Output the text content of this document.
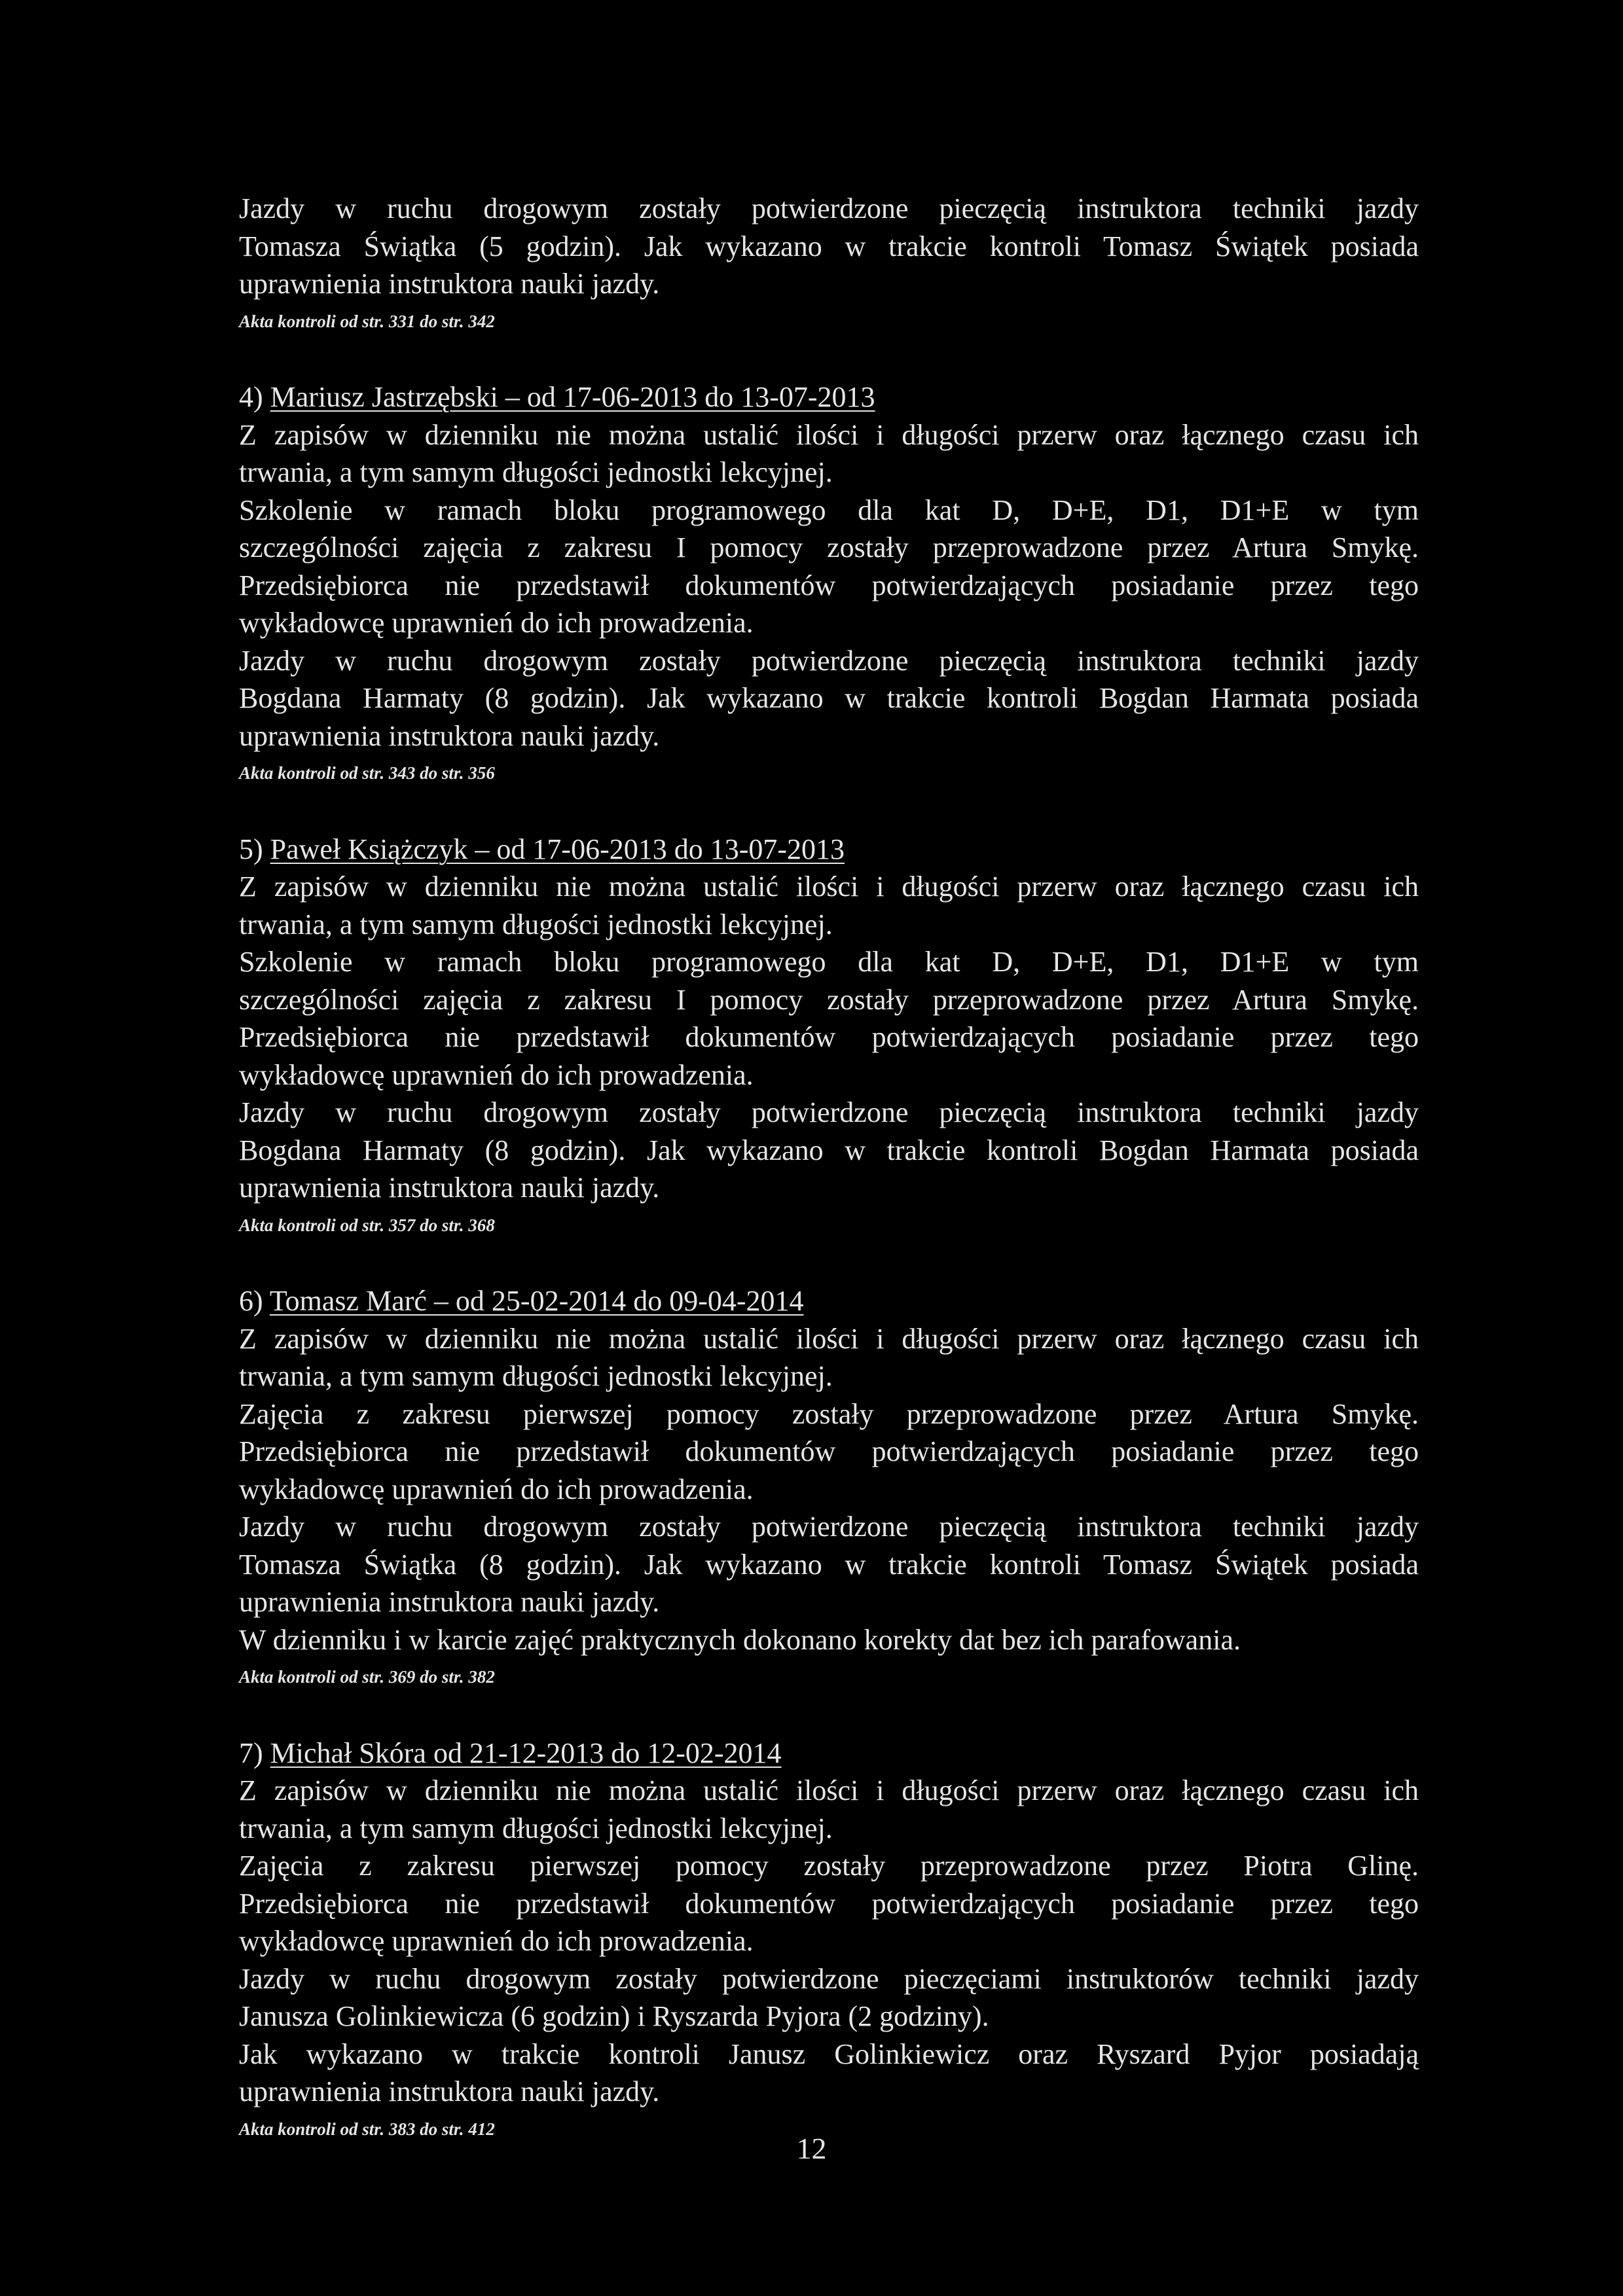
Jazdy w ruchu drogowym zostały potwierdzone pieczęcią instruktora techniki jazdy
Tomasza Świątka (5 godzin). Jak wykazano w trakcie kontroli Tomasz Świątek posiada
uprawnienia instruktora nauki jazdy.
Akta kontroli od str. 331 do str. 342
4) Mariusz Jastrzębski – od 17-06-2013 do 13-07-2013
Z zapisów w dzienniku nie można ustalić ilości i długości przerw oraz łącznego czasu ich
trwania, a tym samym długości jednostki lekcyjnej.
Szkolenie w ramach bloku programowego dla kat D, D+E, D1, D1+E w tym
szczególności zajęcia z zakresu I pomocy zostały przeprowadzone przez Artura Smykę.
Przedsiębiorca nie przedstawił dokumentów potwierdzających posiadanie przez tego
wykładowcę uprawnień do ich prowadzenia.
Jazdy w ruchu drogowym zostały potwierdzone pieczęcią instruktora techniki jazdy
Bogdana Harmaty (8 godzin). Jak wykazano w trakcie kontroli Bogdan Harmata posiada
uprawnienia instruktora nauki jazdy.
Akta kontroli od str. 343 do str. 356
5) Paweł Książczyk – od 17-06-2013 do 13-07-2013
Z zapisów w dzienniku nie można ustalić ilości i długości przerw oraz łącznego czasu ich
trwania, a tym samym długości jednostki lekcyjnej.
Szkolenie w ramach bloku programowego dla kat D, D+E, D1, D1+E w tym
szczególności zajęcia z zakresu I pomocy zostały przeprowadzone przez Artura Smykę.
Przedsiębiorca nie przedstawił dokumentów potwierdzających posiadanie przez tego
wykładowcę uprawnień do ich prowadzenia.
Jazdy w ruchu drogowym zostały potwierdzone pieczęcią instruktora techniki jazdy
Bogdana Harmaty (8 godzin). Jak wykazano w trakcie kontroli Bogdan Harmata posiada
uprawnienia instruktora nauki jazdy.
Akta kontroli od str. 357 do str. 368
6) Tomasz Marć – od 25-02-2014 do 09-04-2014
Z zapisów w dzienniku nie można ustalić ilości i długości przerw oraz łącznego czasu ich
trwania, a tym samym długości jednostki lekcyjnej.
Zajęcia z zakresu pierwszej pomocy zostały przeprowadzone przez Artura Smykę.
Przedsiębiorca nie przedstawił dokumentów potwierdzających posiadanie przez tego
wykładowcę uprawnień do ich prowadzenia.
Jazdy w ruchu drogowym zostały potwierdzone pieczęcią instruktora techniki jazdy
Tomasza Świątka (8 godzin). Jak wykazano w trakcie kontroli Tomasz Świątek posiada
uprawnienia instruktora nauki jazdy.
W dzienniku i w karcie zajęć praktycznych dokonano korekty dat bez ich parafowania.
Akta kontroli od str. 369 do str. 382
7) Michał Skóra od 21-12-2013 do 12-02-2014
Z zapisów w dzienniku nie można ustalić ilości i długości przerw oraz łącznego czasu ich
trwania, a tym samym długości jednostki lekcyjnej.
Zajęcia z zakresu pierwszej pomocy zostały przeprowadzone przez Piotra Glinę.
Przedsiębiorca nie przedstawił dokumentów potwierdzających posiadanie przez tego
wykładowcę uprawnień do ich prowadzenia.
Jazdy w ruchu drogowym zostały potwierdzone pieczęciami instruktorów techniki jazdy
Janusza Golinkiewicza (6 godzin) i Ryszarda Pyjora (2 godziny).
Jak wykazano w trakcie kontroli Janusz Golinkiewicz oraz Ryszard Pyjor posiadają
uprawnienia instruktora nauki jazdy.
Akta kontroli od str. 383 do str. 412
12
